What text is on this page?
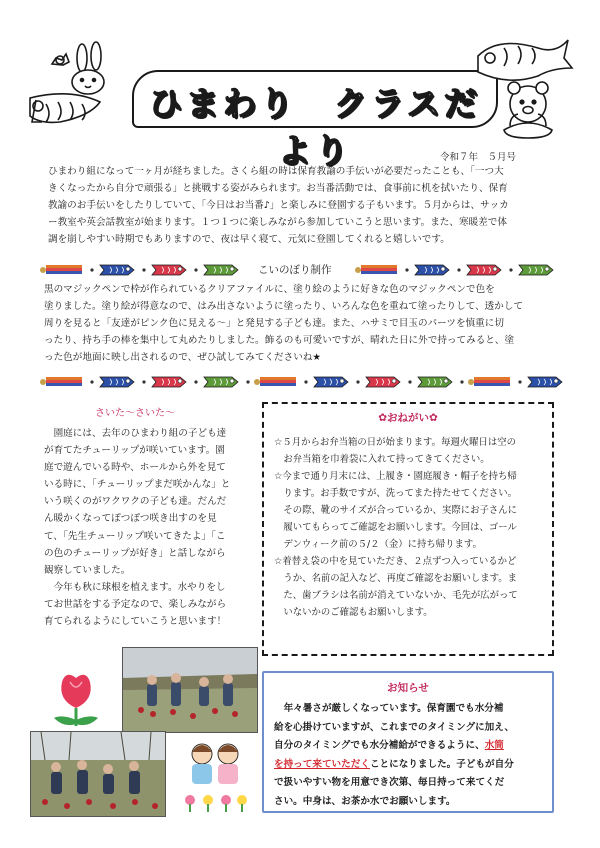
ひまわり　クラスだより	令和７年　５月号
ひまわり組になって一ヶ月が経ちました。さくら組の時は保育教諭の手伝いが必要だったことも、「一つ大
きくなったから自分で頑張る」と挑戦する姿がみられます。お当番活動では、食事前に机を拭いたり、保育
教諭のお手伝いをしたりしていて、「今日はお当番♪」と楽しみに登園する子もいます。５月からは、サッカ
ー教室や英会話教室が始まります。１つ１つに楽しみながら参加していこうと思います。また、寒暖差で体
調を崩しやすい時期でもありますので、夜は早く寝て、元気に登園してくれると嬉しいです。
こいのぼり制作
黒のマジックペンで枠が作られているクリアファイルに、塗り絵のように好きな色のマジックペンで色を
塗りました。塗り絵が得意なので、はみ出さないように塗ったり、いろんな色を重ねて塗ったりして、透かして
周りを見ると「友達がピンク色に見える～」と発見する子ども達。また、ハサミで目玉のパーツを慎重に切
ったり、持ち手の棒を集中して丸めたりしました。飾るのも可愛いですが、晴れた日に外で持ってみると、塗
った色が地面に映し出されるので、ぜひ試してみてくださいね★
さいた～さいた～
　園庭には、去年のひまわり組の子ども達
が育てたチューリップが咲いています。園
庭で遊んでいる時や、ホールから外を見て
いる時に、「チューリップまだ咲かんな」と
いう咲くのがワクワクの子ども達。だんだ
ん暖かくなってぽつぽつ咲き出すのを見
て、「先生チューリップ咲いてきたよ」「こ
の色のチューリップが好き」と話しながら
観察していました。
　今年も秋に球根を植えます。水やりをし
てお世話をする予定なので、楽しみながら
育てられるようにしていこうと思います！
✿おねがい✿
☆５月からお弁当箱の日が始まります。毎週火曜日は空の
　お弁当箱を巾着袋に入れて持ってきてください。
☆今まで通り月末には、上履き・園庭履き・帽子を持ち帰
　ります。お手数ですが、洗ってまた持たせてください。
　その際、靴のサイズが合っているか、実際にお子さんに
　履いてもらってご確認をお願いします。今回は、ゴール
　デンウィーク前の５/２（金）に持ち帰ります。
☆着替え袋の中を見ていただき、２点ずつ入っているかど
　うか、名前の記入など、再度ご確認をお願いします。ま
　た、歯ブラシは名前が消えていないか、毛先が広がって
　いないかのご確認もお願いします。
お知らせ
　年々暑さが厳しくなっています。保育園でも水分補
給を心掛けていますが、これまでのタイミングに加え、
自分のタイミングでも水分補給ができるように、水筒
を持って来ていただくことになりました。子どもが自分
で扱いやすい物を用意でき次第、毎日持って来てくだ
さい。中身は、お茶か水でお願いします。
